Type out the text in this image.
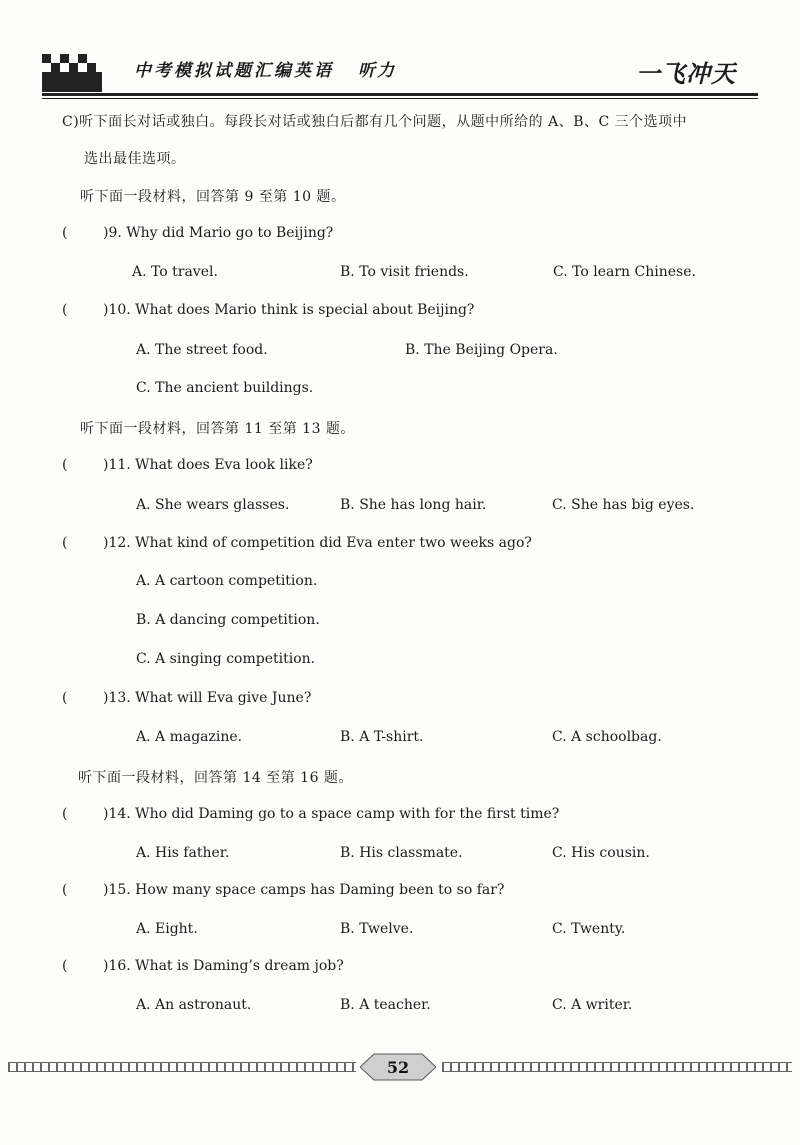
中考模拟试题汇编英语 听力	一飞冲天
C)听下面长对话或独白。每段长对话或独白后都有几个问题，从题中所给的 A、B、C 三个选项中
选出最佳选项。
听下面一段材料，回答第 9 至第 10 题。
(	)9. Why did Mario go to Beijing?
A. To travel.	B. To visit friends.	C. To learn Chinese.
(	)10. What does Mario think is special about Beijing?
A. The street food.	B. The Beijing Opera.
C. The ancient buildings.
听下面一段材料，回答第 11 至第 13 题。
(	)11. What does Eva look like?
A. She wears glasses.	B. She has long hair.	C. She has big eyes.
(	)12. What kind of competition did Eva enter two weeks ago?
A. A cartoon competition.
B. A dancing competition.
C. A singing competition.
(	)13. What will Eva give June?
A. A magazine.	B. A T-shirt.	C. A schoolbag.
听下面一段材料，回答第 14 至第 16 题。
(	)14. Who did Daming go to a space camp with for the first time?
A. His father.	B. His classmate.	C. His cousin.
(	)15. How many space camps has Daming been to so far?
A. Eight.	B. Twelve.	C. Twenty.
(	)16. What is Daming’s dream job?
A. An astronaut.	B. A teacher.	C. A writer.
52
